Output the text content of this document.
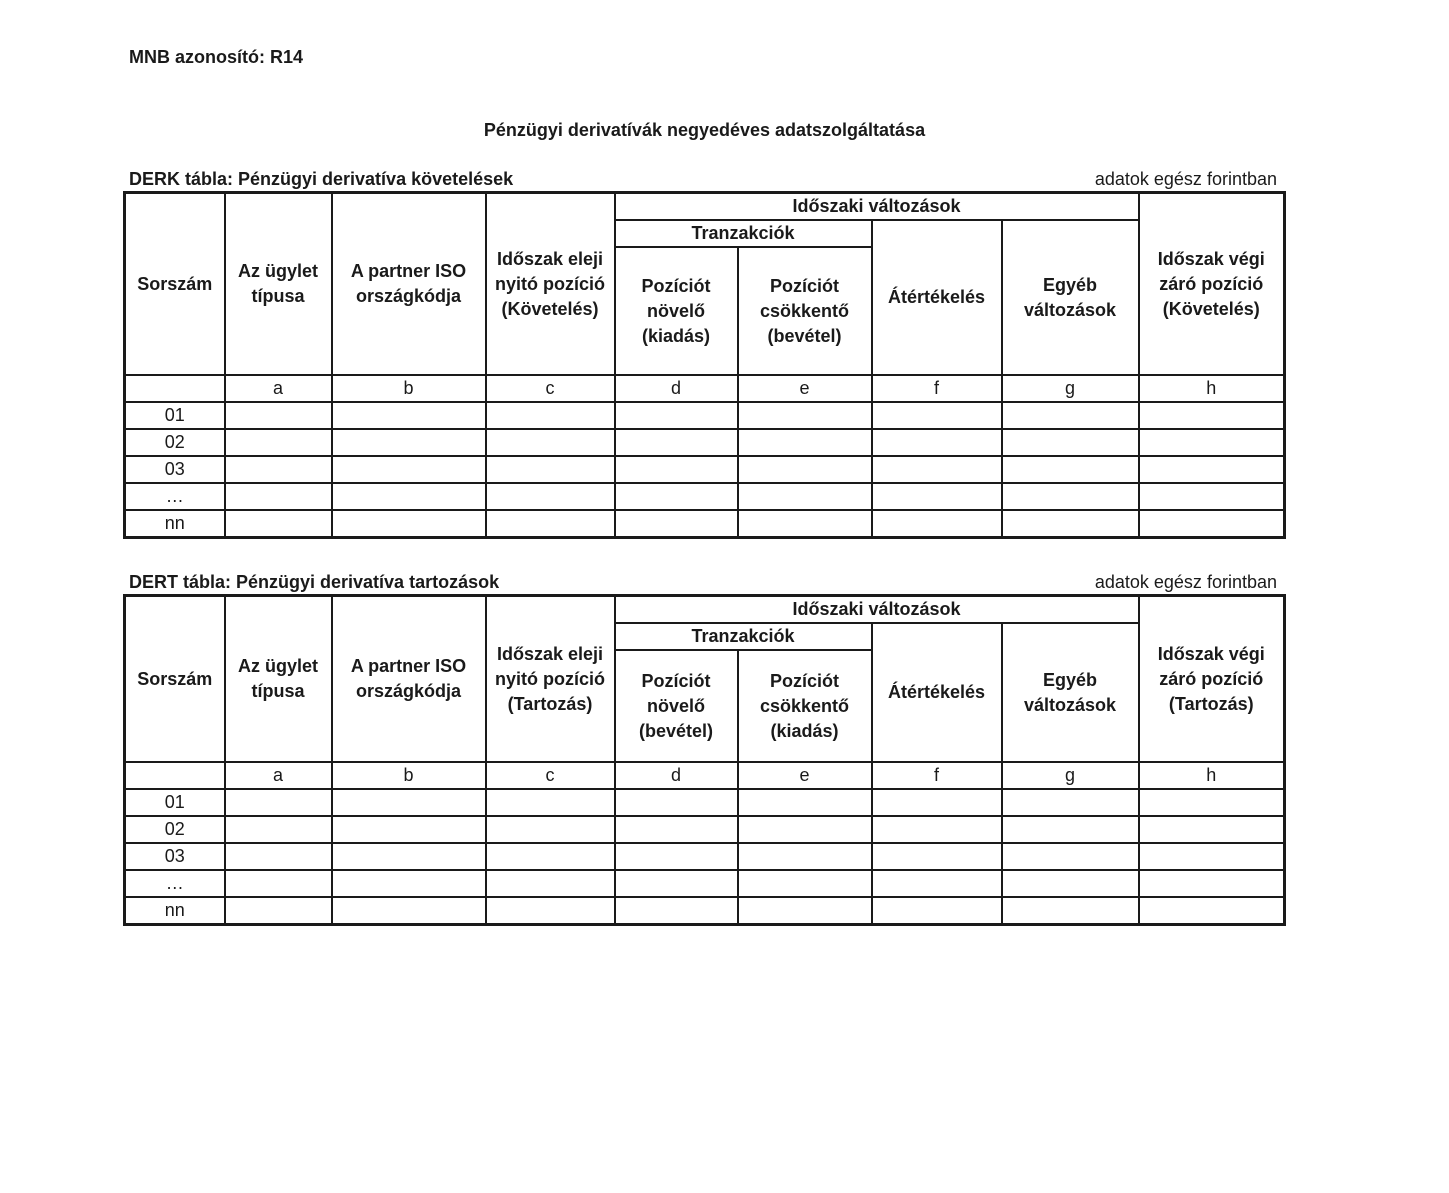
MNB azonosító: R14
Pénzügyi derivatívák negyedéves adatszolgáltatása
DERK tábla: Pénzügyi derivatíva követelések	adatok egész forintban
Sorszám	Az ügylet típusa	A partner ISO országkódja	Időszak eleji nyitó pozíció (Követelés)	Időszaki változások				Időszak végi záró pozíció (Követelés)
				Tranzakciók		Átértékelés	Egyéb változások	
				Pozíciót növelő (kiadás)	Pozíciót csökkentő (bevétel)			
	a	b	c	d	e	f	g	h
01								
02								
03								
…								
nn								
DERT tábla: Pénzügyi derivatíva tartozások	adatok egész forintban
Sorszám	Az ügylet típusa	A partner ISO országkódja	Időszak eleji nyitó pozíció (Tartozás)	Időszaki változások				Időszak végi záró pozíció (Tartozás)
				Tranzakciók		Átértékelés	Egyéb változások	
				Pozíciót növelő (bevétel)	Pozíciót csökkentő (kiadás)			
	a	b	c	d	e	f	g	h
01								
02								
03								
…								
nn								
